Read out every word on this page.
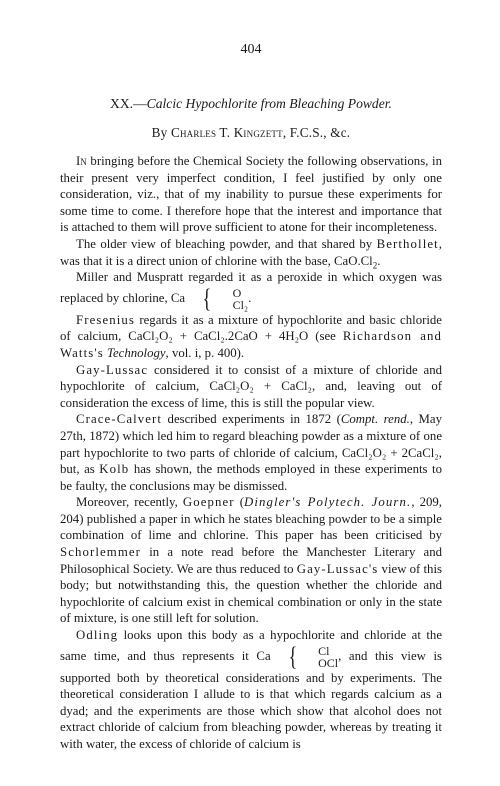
404

XX.—Calcic Hypochlorite from Bleaching Powder.

By Charles T. Kingzett, F.C.S., &c.

In bringing before the Chemical Society the following observations, in their present very imperfect condition, I feel justified by only one consideration, viz., that of my inability to pursue these experiments for some time to come. I therefore hope that the interest and importance that is attached to them will prove sufficient to atone for their incompleteness.

The older view of bleaching powder, and that shared by Berthollet, was that it is a direct union of chlorine with the base, $CaO.Cl_2$.

Miller and Muspratt regarded it as a peroxide in which oxygen was replaced by chlorine, Ca {	O
Cl₂
.

Fresenius regards it as a mixture of hypochlorite and basic chloride of calcium, CaCl₂O₂ + CaCl₂.2CaO + 4H₂O (see Richardson and Watts's Technology, vol. i, p. 400).

Gay-Lussac considered it to consist of a mixture of chloride and hypochlorite of calcium, CaCl₂O₂ + CaCl₂, and, leaving out of consideration the excess of lime, this is still the popular view.

Crace-Calvert described experiments in 1872 (Compt. rend., May 27th, 1872) which led him to regard bleaching powder as a mixture of one part hypochlorite to two parts of chloride of calcium, CaCl₂O₂ + 2CaCl₂, but, as Kolb has shown, the methods employed in these experiments to be faulty, the conclusions may be dismissed.

Moreover, recently, Goepner (Dingler's Polytech. Journ., 209, 204) published a paper in which he states bleaching powder to be a simple combination of lime and chlorine. This paper has been criticised by Schorlemmer in a note read before the Manchester Literary and Philosophical Society. We are thus reduced to Gay-Lussac's view of this body; but notwithstanding this, the question whether the chloride and hypochlorite of calcium exist in chemical combination or only in the state of mixture, is one still left for solution.

Odling looks upon this body as a hypochlorite and chloride at the same time, and thus represents it Ca {	Cl
OCl
, and this view is supported both by theoretical considerations and by experiments. The theoretical consideration I allude to is that which regards calcium as a dyad; and the experiments are those which show that alcohol does not extract chloride of calcium from bleaching powder, whereas by treating it with water, the excess of chloride of calcium is
